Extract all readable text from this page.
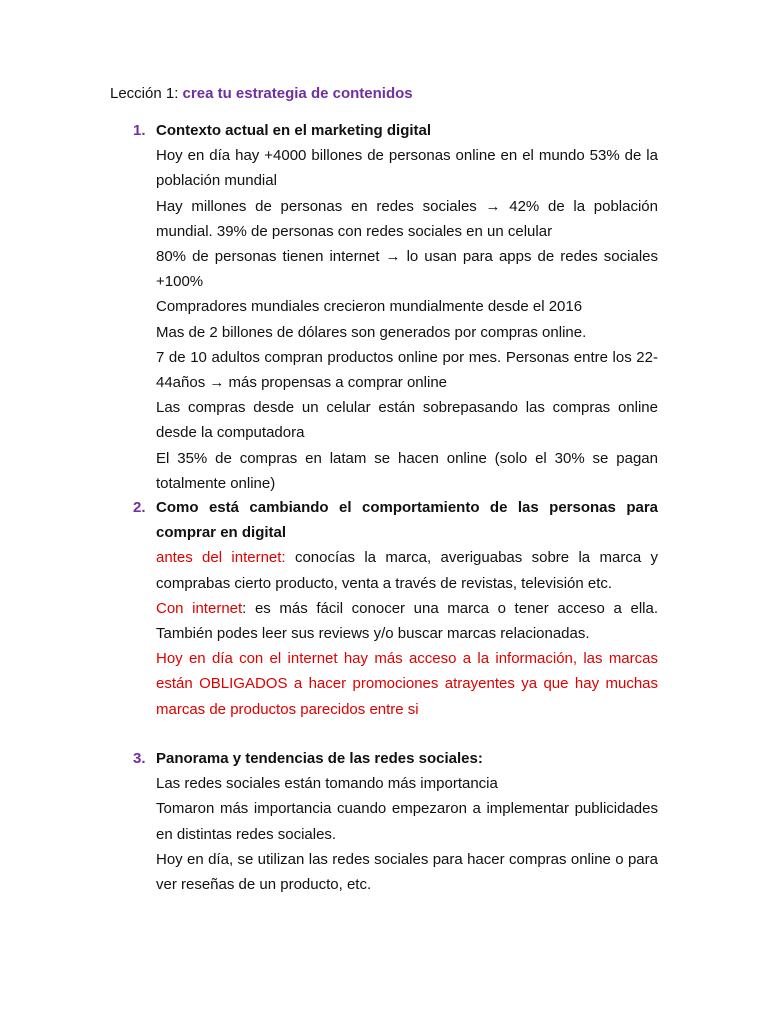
Lección 1: crea tu estrategia de contenidos
1. Contexto actual en el marketing digital

Hoy en día hay +4000 billones de personas online en el mundo 53% de la población mundial

Hay millones de personas en redes sociales → 42% de la población mundial. 39% de personas con redes sociales en un celular

80% de personas tienen internet → lo usan para apps de redes sociales +100%

Compradores mundiales crecieron mundialmente desde el 2016

Mas de 2 billones de dólares son generados por compras online.

7 de 10 adultos compran productos online por mes. Personas entre los 22-44años → más propensas a comprar online

Las compras desde un celular están sobrepasando las compras online desde la computadora

El 35% de compras en latam se hacen online (solo el 30% se pagan totalmente online)

2. Como está cambiando el comportamiento de las personas para comprar en digital

antes del internet: conocías la marca, averiguabas sobre la marca y comprabas cierto producto, venta a través de revistas, televisión etc.

Con internet: es más fácil conocer una marca o tener acceso a ella. También podes leer sus reviews y/o buscar marcas relacionadas.

Hoy en día con el internet hay más acceso a la información, las marcas están OBLIGADOS a hacer promociones atrayentes ya que hay muchas marcas de productos parecidos entre si

3. Panorama y tendencias de las redes sociales:

Las redes sociales están tomando más importancia

Tomaron más importancia cuando empezaron a implementar publicidades en distintas redes sociales.

Hoy en día, se utilizan las redes sociales para hacer compras online o para ver reseñas de un producto, etc.
